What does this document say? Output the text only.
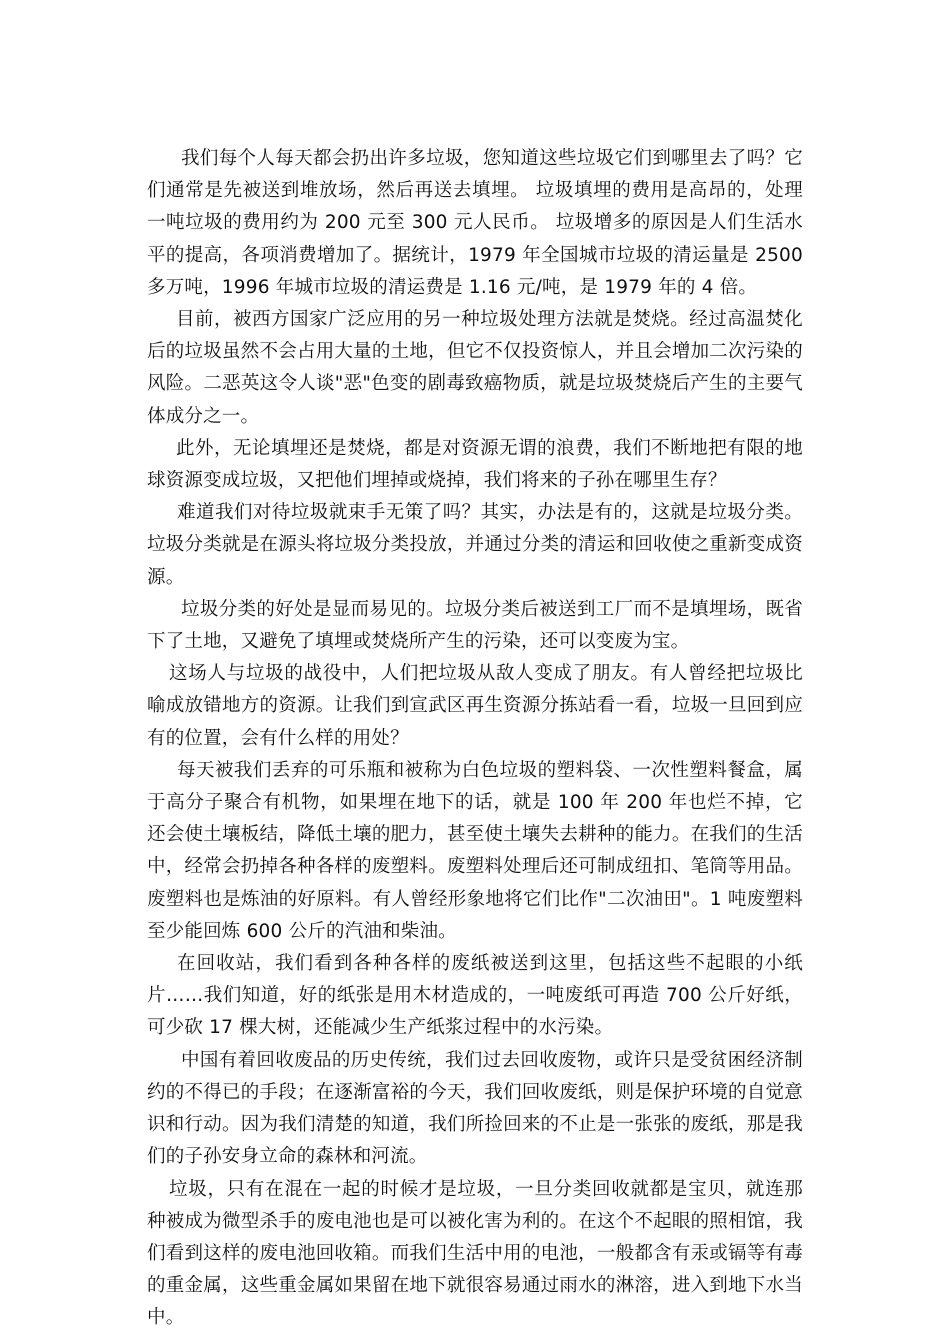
我们每个人每天都会扔出许多垃圾，您知道这些垃圾它们到哪里去了吗？它们通常是先被送到堆放场，然后再送去填埋。 垃圾填埋的费用是高昂的，处理一吨垃圾的费用约为 200 元至 300 元人民币。 垃圾增多的原因是人们生活水平的提高，各项消费增加了。据统计，1979 年全国城市垃圾的清运量是 2500 多万吨，1996 年城市垃圾的清运费是 1.16 元/吨，是 1979 年的 4 倍。

目前，被西方国家广泛应用的另一种垃圾处理方法就是焚烧。经过高温焚化后的垃圾虽然不会占用大量的土地，但它不仅投资惊人，并且会增加二次污染的风险。二恶英这令人谈"恶"色变的剧毒致癌物质，就是垃圾焚烧后产生的主要气体成分之一。

此外，无论填埋还是焚烧，都是对资源无谓的浪费，我们不断地把有限的地球资源变成垃圾，又把他们埋掉或烧掉，我们将来的子孙在哪里生存？

难道我们对待垃圾就束手无策了吗？其实，办法是有的，这就是垃圾分类。垃圾分类就是在源头将垃圾分类投放，并通过分类的清运和回收使之重新变成资源。

垃圾分类的好处是显而易见的。垃圾分类后被送到工厂而不是填埋场，既省下了土地，又避免了填埋或焚烧所产生的污染，还可以变废为宝。

这场人与垃圾的战役中，人们把垃圾从敌人变成了朋友。有人曾经把垃圾比喻成放错地方的资源。让我们到宣武区再生资源分拣站看一看，垃圾一旦回到应有的位置，会有什么样的用处？

每天被我们丢弃的可乐瓶和被称为白色垃圾的塑料袋、一次性塑料餐盒，属于高分子聚合有机物，如果埋在地下的话，就是 100 年 200 年也烂不掉，它还会使土壤板结，降低土壤的肥力，甚至使土壤失去耕种的能力。在我们的生活中，经常会扔掉各种各样的废塑料。废塑料处理后还可制成纽扣、笔筒等用品。废塑料也是炼油的好原料。有人曾经形象地将它们比作"二次油田"。1 吨废塑料至少能回炼 600 公斤的汽油和柴油。

在回收站，我们看到各种各样的废纸被送到这里，包括这些不起眼的小纸片……我们知道，好的纸张是用木材造成的，一吨废纸可再造 700 公斤好纸，可少砍 17 棵大树，还能减少生产纸浆过程中的水污染。

中国有着回收废品的历史传统，我们过去回收废物，或许只是受贫困经济制约的不得已的手段；在逐渐富裕的今天，我们回收废纸，则是保护环境的自觉意识和行动。因为我们清楚的知道，我们所捡回来的不止是一张张的废纸，那是我们的子孙安身立命的森林和河流。

垃圾，只有在混在一起的时候才是垃圾，一旦分类回收就都是宝贝，就连那种被成为微型杀手的废电池也是可以被化害为利的。在这个不起眼的照相馆，我们看到这样的废电池回收箱。而我们生活中用的电池，一般都含有汞或镉等有毒的重金属，这些重金属如果留在地下就很容易通过雨水的淋溶，进入到地下水当中。
